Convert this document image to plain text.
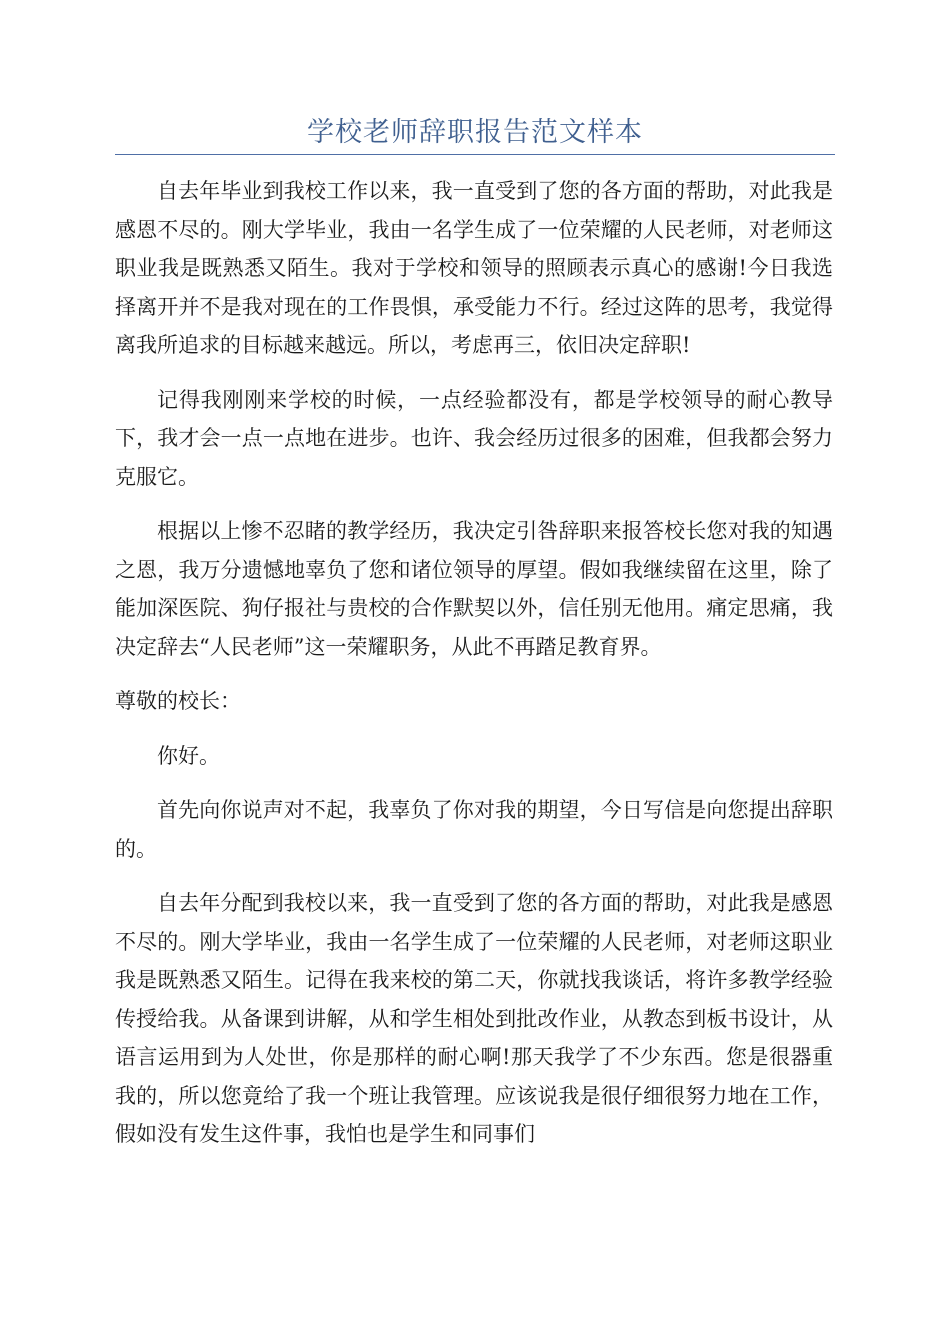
学校老师辞职报告范文样本

自去年毕业到我校工作以来，我一直受到了您的各方面的帮助，对此我是感恩不尽的。刚大学毕业，我由一名学生成了一位荣耀的人民老师，对老师这职业我是既熟悉又陌生。我对于学校和领导的照顾表示真心的感谢!今日我选择离开并不是我对现在的工作畏惧，承受能力不行。经过这阵的思考，我觉得离我所追求的目标越来越远。所以，考虑再三，依旧决定辞职!

记得我刚刚来学校的时候，一点经验都没有，都是学校领导的耐心教导下，我才会一点一点地在进步。也许、我会经历过很多的困难，但我都会努力克服它。

根据以上惨不忍睹的教学经历，我决定引咎辞职来报答校长您对我的知遇之恩，我万分遗憾地辜负了您和诸位领导的厚望。假如我继续留在这里，除了能加深医院、狗仔报社与贵校的合作默契以外，信任别无他用。痛定思痛，我决定辞去“人民老师”这一荣耀职务，从此不再踏足教育界。

尊敬的校长：

你好。

首先向你说声对不起，我辜负了你对我的期望，今日写信是向您提出辞职的。

自去年分配到我校以来，我一直受到了您的各方面的帮助，对此我是感恩不尽的。刚大学毕业，我由一名学生成了一位荣耀的人民老师，对老师这职业我是既熟悉又陌生。记得在我来校的第二天，你就找我谈话，将许多教学经验传授给我。从备课到讲解，从和学生相处到批改作业，从教态到板书设计，从语言运用到为人处世，你是那样的耐心啊!那天我学了不少东西。您是很器重我的，所以您竟给了我一个班让我管理。应该说我是很仔细很努力地在工作，假如没有发生这件事，我怕也是学生和同事们
